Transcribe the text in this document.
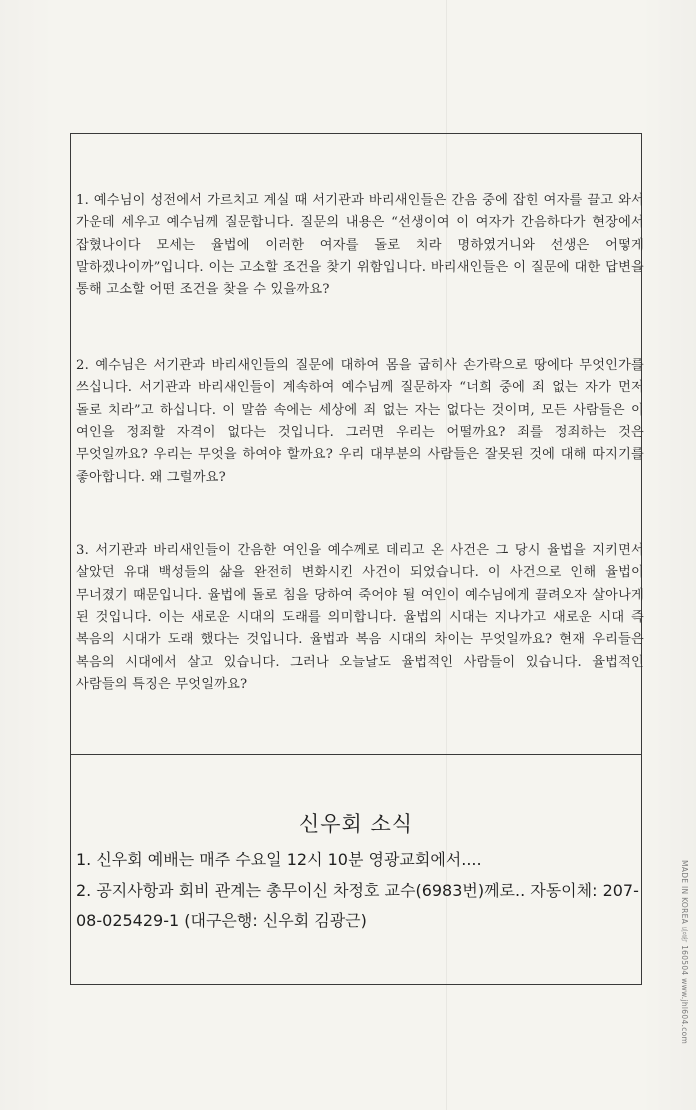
1. 예수님이 성전에서 가르치고 계실 때 서기관과 바리새인들은 간음 중에 잡힌 여자를 끌고 와서 가운데 세우고 예수님께 질문합니다. 질문의 내용은 “선생이여 이 여자가 간음하다가 현장에서 잡혔나이다 모세는 율법에 이러한 여자를 돌로 치라 명하였거니와 선생은 어떻게 말하겠나이까”입니다. 이는 고소할 조건을 찾기 위함입니다. 바리새인들은 이 질문에 대한 답변을 통해 고소할 어떤 조건을 찾을 수 있을까요?

2. 예수님은 서기관과 바리새인들의 질문에 대하여 몸을 굽히사 손가락으로 땅에다 무엇인가를 쓰십니다. 서기관과 바리새인들이 계속하여 예수님께 질문하자 “너희 중에 죄 없는 자가 먼저 돌로 치라”고 하십니다. 이 말씀 속에는 세상에 죄 없는 자는 없다는 것이며, 모든 사람들은 이 여인을 정죄할 자격이 없다는 것입니다. 그러면 우리는 어떨까요? 죄를 정죄하는 것은 무엇일까요? 우리는 무엇을 하여야 할까요? 우리 대부분의 사람들은 잘못된 것에 대해 따지기를 좋아합니다. 왜 그럴까요?

3. 서기관과 바리새인들이 간음한 여인을 예수께로 데리고 온 사건은 그 당시 율법을 지키면서 살았던 유대 백성들의 삶을 완전히 변화시킨 사건이 되었습니다. 이 사건으로 인해 율법이 무너졌기 때문입니다. 율법에 돌로 침을 당하여 죽어야 될 여인이 예수님에게 끌려오자 살아나게 된 것입니다. 이는 새로운 시대의 도래를 의미합니다. 율법의 시대는 지나가고 새로운 시대 즉 복음의 시대가 도래 했다는 것입니다. 율법과 복음 시대의 차이는 무엇일까요? 현재 우리들은 복음의 시대에서 살고 있습니다. 그러나 오늘날도 율법적인 사람들이 있습니다. 율법적인 사람들의 특징은 무엇일까요?

신우회 소식
1. 신우회 예배는 매주 수요일 12시 10분 영광교회에서....
2. 공지사항과 회비 관계는 총무이신 차정호 교수(6983번)께로.. 자동이체: 207-08-025429-1 (대구은행: 신우회 김광근)	MADE IN KOREA 등록 160504 www.jhl604.com
